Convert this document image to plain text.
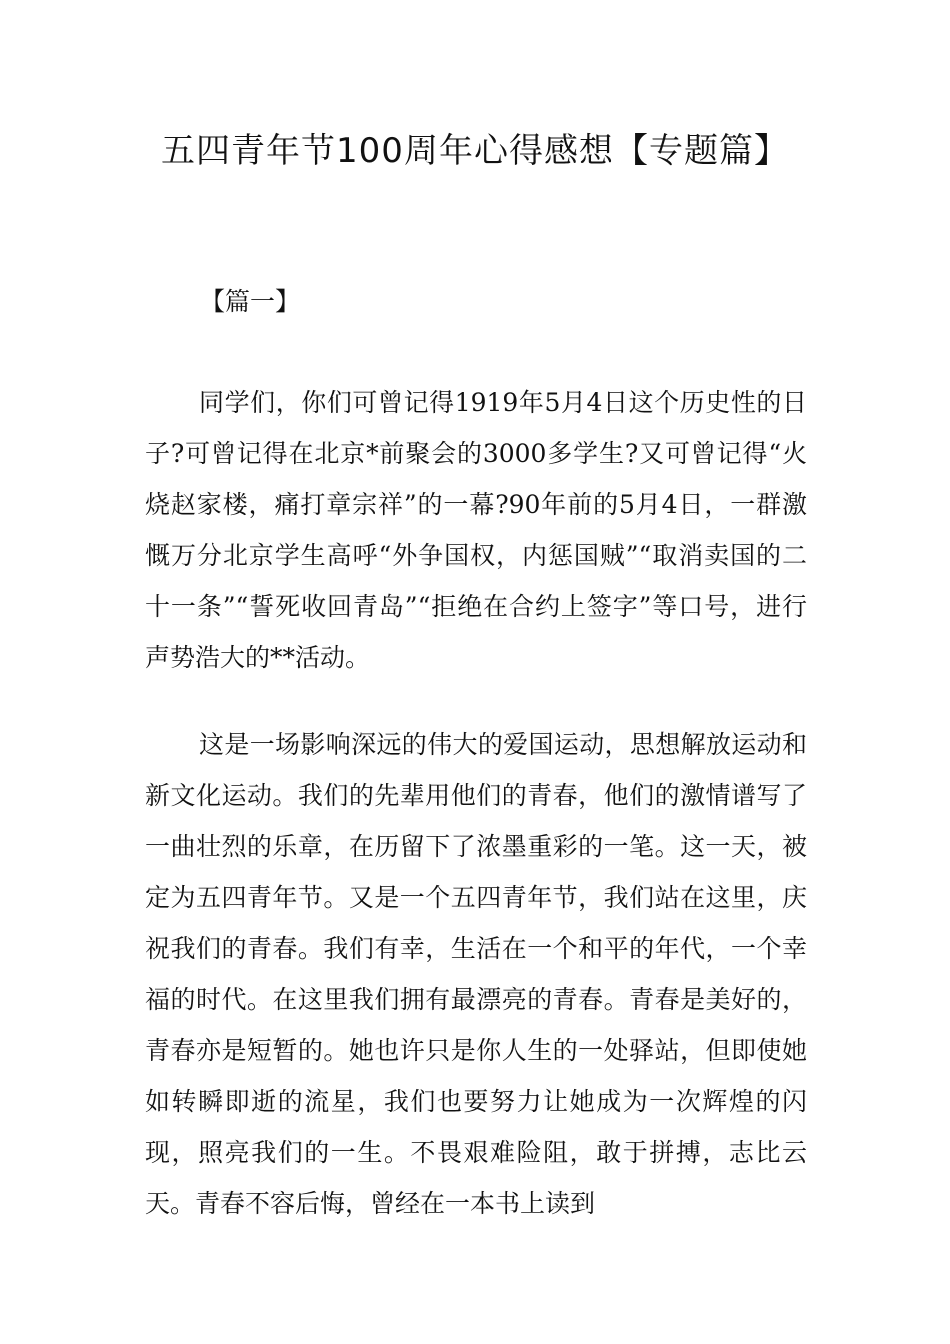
五四青年节100周年心得感想【专题篇】
【篇一】

同学们，你们可曾记得1919年5月4日这个历史性的日子?可曾记得在北京*前聚会的3000多学生?又可曾记得“火烧赵家楼，痛打章宗祥”的一幕?90年前的5月4日，一群激慨万分北京学生高呼“外争国权，内惩国贼”“取消卖国的二十一条”“誓死收回青岛”“拒绝在合约上签字”等口号，进行声势浩大的**活动。

这是一场影响深远的伟大的爱国运动，思想解放运动和新文化运动。我们的先辈用他们的青春，他们的激情谱写了一曲壮烈的乐章，在历留下了浓墨重彩的一笔。这一天，被定为五四青年节。又是一个五四青年节，我们站在这里，庆祝我们的青春。我们有幸，生活在一个和平的年代，一个幸福的时代。在这里我们拥有最漂亮的青春。青春是美好的，青春亦是短暂的。她也许只是你人生的一处驿站，但即使她如转瞬即逝的流星，我们也要努力让她成为一次辉煌的闪现，照亮我们的一生。不畏艰难险阻，敢于拼搏，志比云天。青春不容后悔，曾经在一本书上读到
